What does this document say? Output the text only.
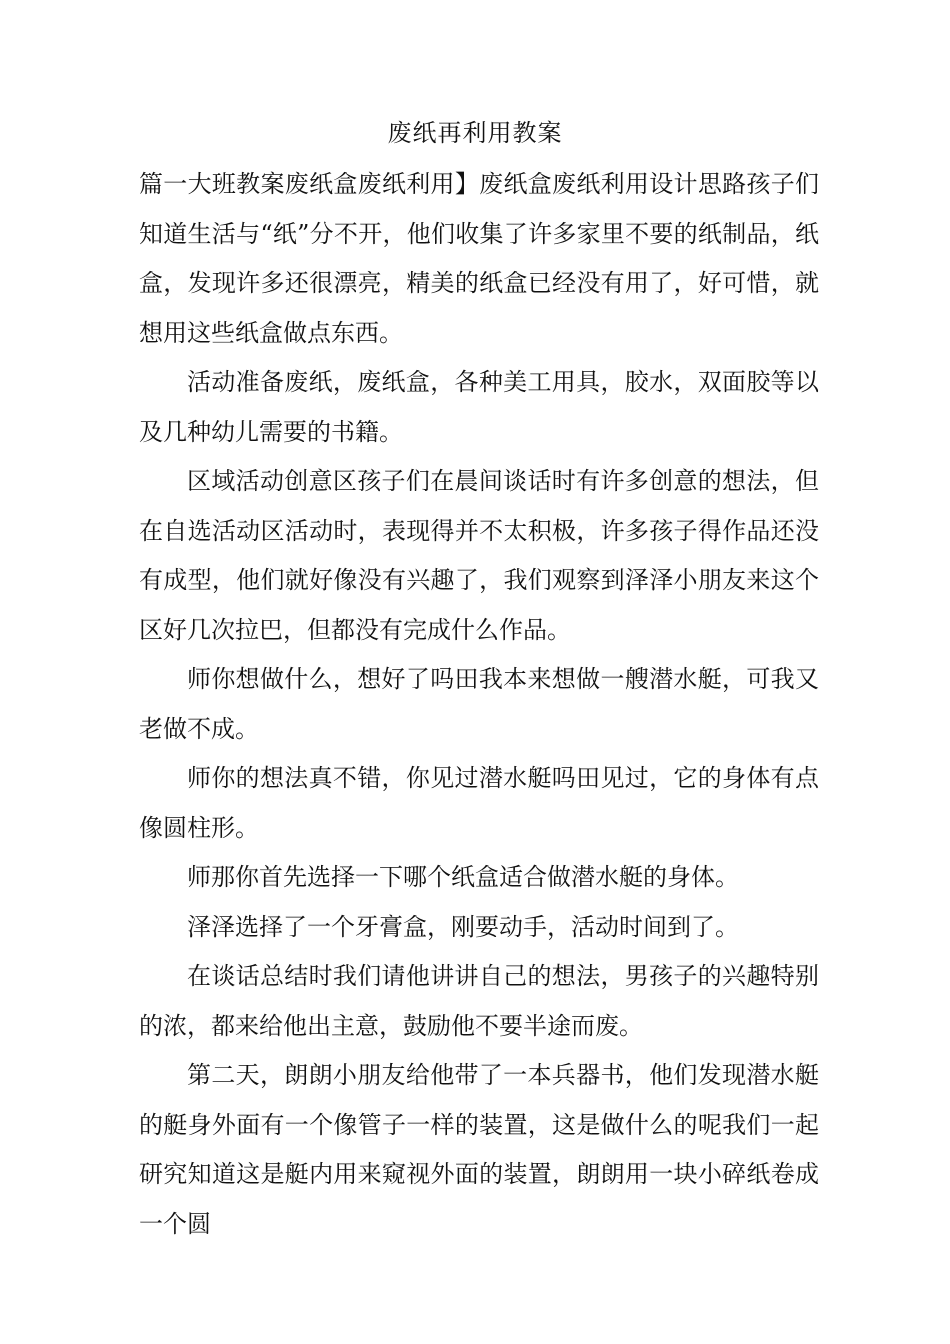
废纸再利用教案

篇一大班教案废纸盒废纸利用】废纸盒废纸利用设计思路孩子们知道生活与“纸”分不开，他们收集了许多家里不要的纸制品，纸盒，发现许多还很漂亮，精美的纸盒已经没有用了，好可惜，就想用这些纸盒做点东西。

活动准备废纸，废纸盒，各种美工用具，胶水，双面胶等以及几种幼儿需要的书籍。

区域活动创意区孩子们在晨间谈话时有许多创意的想法，但在自选活动区活动时，表现得并不太积极，许多孩子得作品还没有成型，他们就好像没有兴趣了，我们观察到泽泽小朋友来这个区好几次拉巴，但都没有完成什么作品。

师你想做什么，想好了吗田我本来想做一艘潜水艇，可我又老做不成。

师你的想法真不错，你见过潜水艇吗田见过，它的身体有点像圆柱形。

师那你首先选择一下哪个纸盒适合做潜水艇的身体。

泽泽选择了一个牙膏盒，刚要动手，活动时间到了。

在谈话总结时我们请他讲讲自己的想法，男孩子的兴趣特别的浓，都来给他出主意，鼓励他不要半途而废。

第二天，朗朗小朋友给他带了一本兵器书，他们发现潜水艇的艇身外面有一个像管子一样的装置，这是做什么的呢我们一起研究知道这是艇内用来窥视外面的装置，朗朗用一块小碎纸卷成一个圆
